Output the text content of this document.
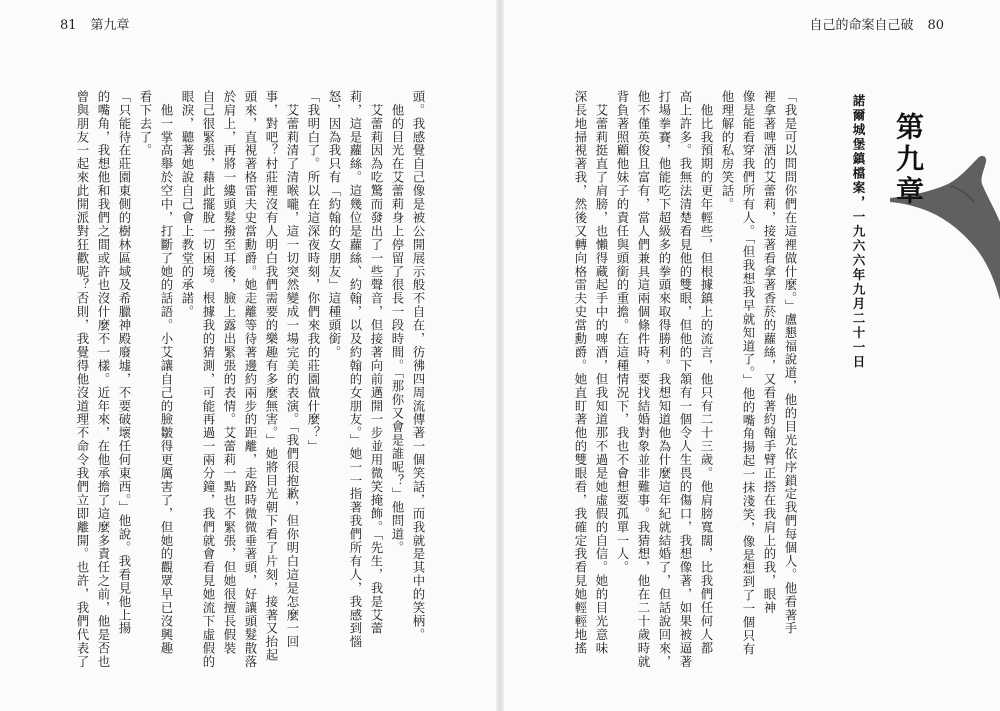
81 第九章
頭。我感覺自己像是被公開展示般不自在，彷彿四周流傳著一個笑話，而我就是其中的笑柄。
　他的目光在艾蕾莉身上停留了很長一段時間。「那你又會是誰呢？」他問道。
　艾蕾莉因為吃驚而發出了一些聲音，但接著向前邁開一步並用微笑掩飾。「先生，我是艾蕾
莉，這是蘿絲。這幾位是蘿絲、約翰，以及約翰的女朋友。」她一一指著我們所有人，我感到惱
怒，因為我只有「約翰的女朋友」這種頭銜。
「我明白了。所以在這深夜時刻，你們來我的莊園做什麼？」
　艾蕾莉清了清喉嚨，這一切突然變成一場完美的表演。「我們很抱歉，但你明白這是怎麼一回
事，對吧？村莊裡沒有人明白我們需要的樂趣有多麼無害。」她將目光朝下看了片刻，接著又抬起
頭來，直視著格雷夫史當勳爵。她走離等待著邊約兩步的距離，走路時微微垂著頭，好讓頭髮散落
於肩上，再將一縷頭髮撥至耳後，臉上露出緊張的表情。艾蕾莉一點也不緊張，但她很擅長假裝
自己很緊張，藉此擺脫一切困境。根據我的猜測，可能再過一兩分鐘，我們就會看見她流下虛假的
眼淚，聽著她說自己會上教堂的承諾。
　他一掌高舉於空中，打斷了她的話語。小艾讓自己的臉皺得更厲害了，但她的觀眾早已沒興趣
看下去了。
「只能待在莊園東側的樹林區域及希臘神殿廢墟，不要破壞任何東西。」他說。我看見他上揚
的嘴角，我想他和我們之間或許也沒什麼不一樣。近年來，在他承擔了這麼多責任之前，他是否也
曾與朋友一起來此開派對狂歡呢？否則，我覺得他沒道理不命令我們立即離開。也許，我們代表了
自己的命案自己破 80
「我是可以問問你們在這裡做什麼。」盧懇福說道，他的目光依序鎖定我們每個人。他看著手
裡拿著啤酒的艾蕾莉，接著看拿著香菸的蘿絲，又看著約翰手臂正搭在我肩上的我，眼神
像是能看穿我們所有人。「但我想我早就知道了。」他的嘴角揚起一抹淺笑，像是想到了一個只有
他理解的私房笑話。
　他比我預期的更年輕些，但根據鎮上的流言，他只有二十三歲。他肩膀寬闊，比我們任何人都
高上許多。我無法清楚看見他的雙眼，但他的下頷有一個令人生畏的傷口，我想像著，如果被逼著
打場拳賽，他能吃下超級多的拳頭來取得勝利。我想知道他為什麼這年紀就結婚了，但話說回來，
他不僅英俊且富有，當人們兼具這兩個條件時，要找結婚對象並非難事。我猜想，他在二十歲時就
背負著照顧他妹子的責任與頭銜的重擔。在這種情況下，我也不會想要孤單一人。
　艾蕾莉挺直了肩膀，也懶得藏起手中的啤酒，但我知道那不過是她虛假的自信。她的目光意味
深長地掃視著我，然後又轉向格雷夫史當勳爵。她直盯著他的雙眼看，我確定我看見她輕輕地搖	第九章
諾爾城堡鎮檔案，一九六六年九月二十一日
